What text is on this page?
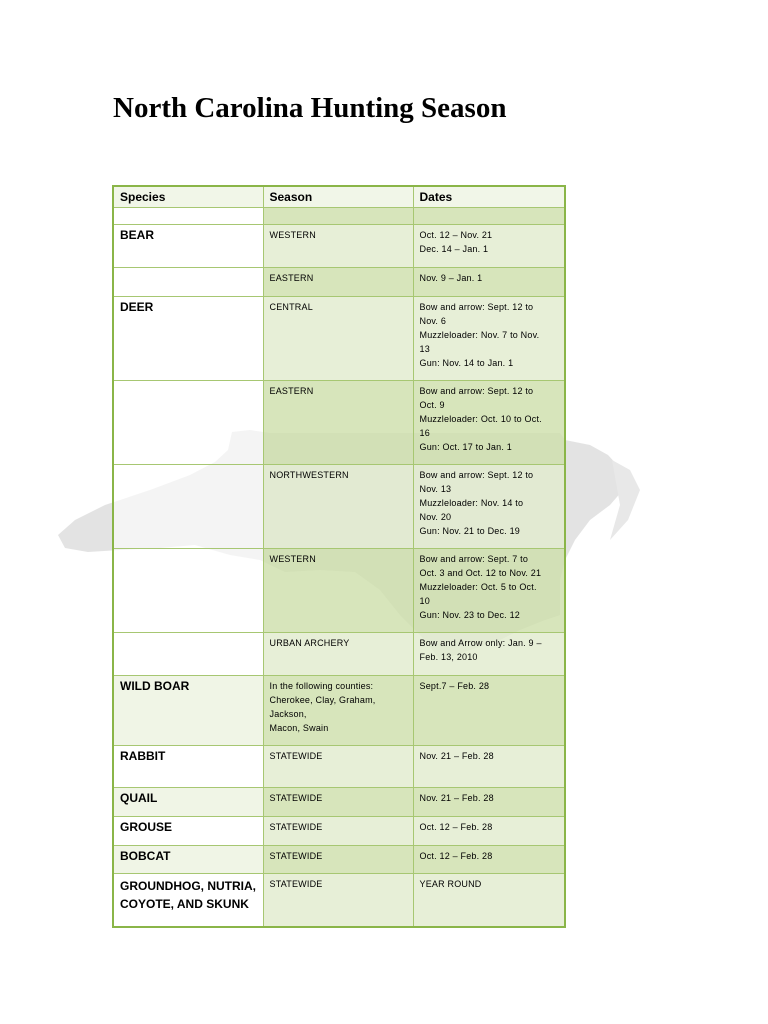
North Carolina Hunting Season
Species	Season	Dates

BEAR	WESTERN	Oct. 12 – Nov. 21
Dec. 14 – Jan. 1

	EASTERN	Nov. 9 – Jan. 1

DEER	CENTRAL	Bow and arrow: Sept. 12 to
Nov. 6
Muzzleloader: Nov. 7 to Nov.
13
Gun: Nov. 14 to Jan. 1

	EASTERN	Bow and arrow: Sept. 12 to
Oct. 9
Muzzleloader: Oct. 10 to Oct.
16
Gun: Oct. 17 to Jan. 1

	NORTHWESTERN	Bow and arrow: Sept. 12 to
Nov. 13
Muzzleloader: Nov. 14 to
Nov. 20
Gun: Nov. 21 to Dec. 19

	WESTERN	Bow and arrow: Sept. 7 to
Oct. 3 and Oct. 12 to Nov. 21
Muzzleloader: Oct. 5 to Oct.
10
Gun: Nov. 23 to Dec. 12

	URBAN ARCHERY	Bow and Arrow only: Jan. 9 –
Feb. 13, 2010

WILD BOAR	In the following counties:
Cherokee, Clay, Graham,
Jackson,
Macon, Swain	Sept.7 – Feb. 28

RABBIT	STATEWIDE	Nov. 21 – Feb. 28

QUAIL	STATEWIDE	Nov. 21 – Feb. 28

GROUSE	STATEWIDE	Oct. 12 – Feb. 28

BOBCAT	STATEWIDE	Oct. 12 – Feb. 28

GROUNDHOG, NUTRIA, COYOTE, AND SKUNK	STATEWIDE	YEAR ROUND
